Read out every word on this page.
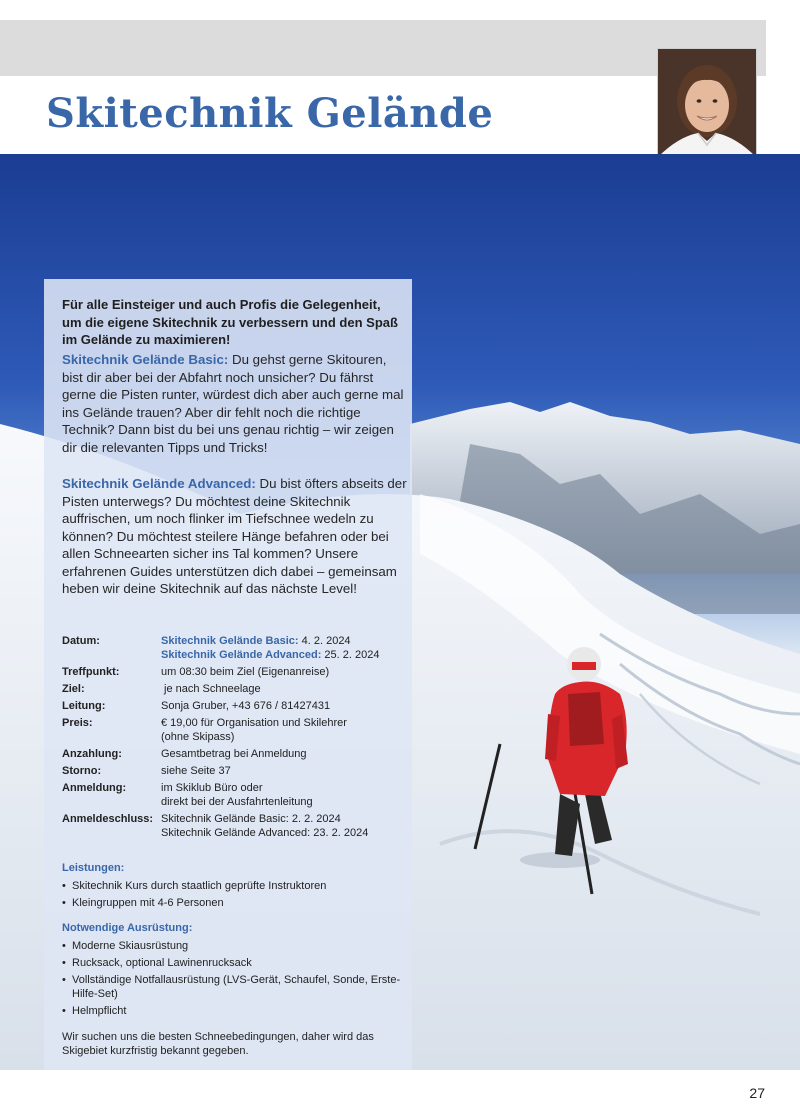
Skitechnik Gelände

Für alle Einsteiger und auch Profis die Gelegenheit, um die eigene Skitechnik zu verbessern und den Spaß im Gelände zu maximieren!

Skitechnik Gelände Basic: Du gehst gerne Skitouren, bist dir aber bei der Abfahrt noch unsicher? Du fährst gerne die Pisten runter, würdest dich aber auch gerne mal ins Gelände trauen? Aber dir fehlt noch die richtige Technik? Dann bist du bei uns genau richtig – wir zeigen dir die relevanten Tipps und Tricks!

Skitechnik Gelände Advanced: Du bist öfters abseits der Pisten unterwegs? Du möchtest deine Skitechnik auffrischen, um noch flinker im Tiefschnee wedeln zu können? Du möchtest steilere Hänge befahren oder bei allen Schneearten sicher ins Tal kommen? Unsere erfahrenen Guides unterstützen dich dabei – gemeinsam heben wir deine Skitechnik auf das nächste Level!

Datum:	Skitechnik Gelände Basic: 4. 2. 2024
Skitechnik Gelände Advanced: 25. 2. 2024
Treffpunkt:	um 08:30 beim Ziel (Eigenanreise)
Ziel:	je nach Schneelage
Leitung:	Sonja Gruber, +43 676 / 81427431
Preis:	€ 19,00 für Organisation und Skilehrer
(ohne Skipass)
Anzahlung:	Gesamtbetrag bei Anmeldung
Storno:	siehe Seite 37
Anmeldung:	im Skiklub Büro oder
direkt bei der Ausfahrtenleitung
Anmeldeschluss: Skitechnik Gelände Basic: 2. 2. 2024
Skitechnik Gelände Advanced: 23. 2. 2024

Leistungen:

• Skitechnik Kurs durch staatlich geprüfte Instruktoren
• Kleingruppen mit 4-6 Personen

Notwendige Ausrüstung:

• Moderne Skiausrüstung
• Rucksack, optional Lawinenrucksack
• Vollständige Notfallausrüstung (LVS-Gerät, Schaufel, Sonde, Erste-Hilfe-Set)
• Helmpflicht

Wir suchen uns die besten Schneebedingungen, daher wird das Skigebiet kurzfristig bekannt gegeben.

27
